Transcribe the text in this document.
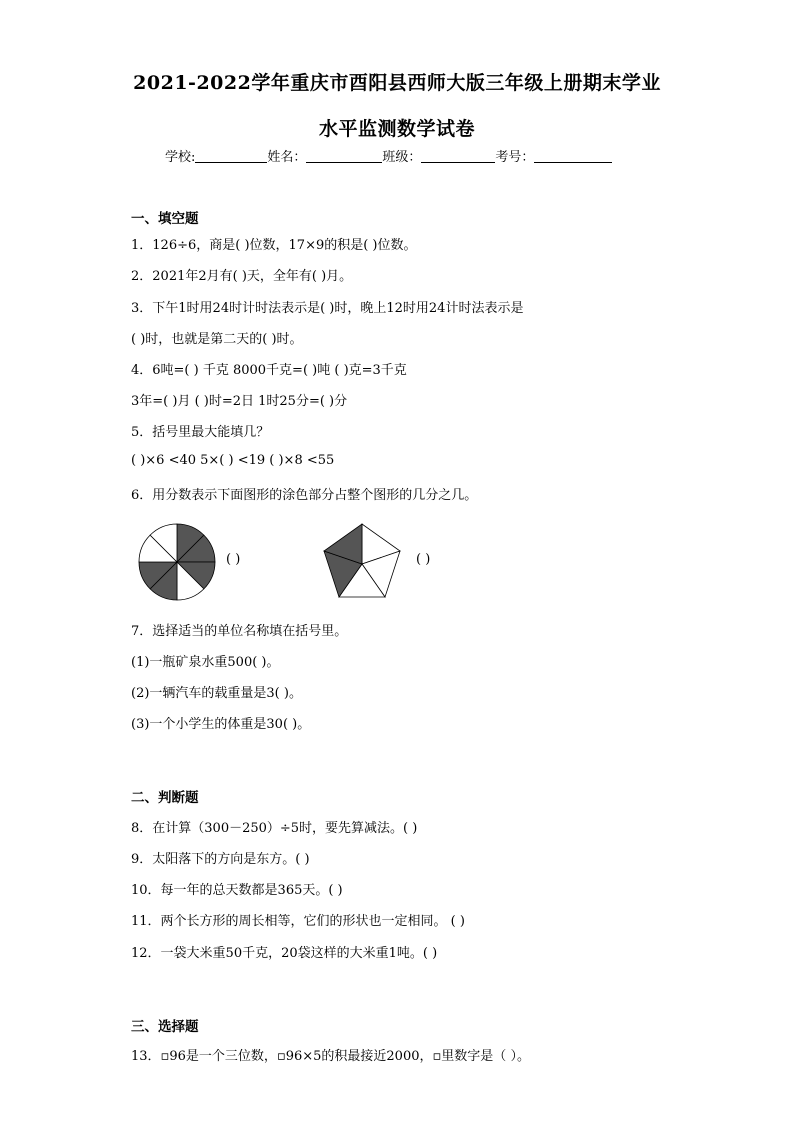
2021-2022学年重庆市酉阳县西师大版三年级上册期末学业
水平监测数学试卷
学校:	姓名：	班级：	考号：
一、填空题
1．126÷6，商是( )位数，17×9的积是( )位数。
2．2021年2月有( )天，全年有( )月。
3．下午1时用24时计时法表示是( )时，晚上12时用24计时法表示是
( )时，也就是第二天的( )时。
4．6吨=( ) 千克 8000千克=( )吨 ( )克=3千克
3年=( )月 ( )时=2日 1时25分=( )分
5．括号里最大能填几？
( )×6 <40 5×( ) <19 ( )×8 <55
6．用分数表示下面图形的涂色部分占整个图形的几分之几。
( )	( )
7．选择适当的单位名称填在括号里。
(1)一瓶矿泉水重500( )。
(2)一辆汽车的载重量是3( )。
(3)一个小学生的体重是30( )。
二、判断题
8．在计算（300－250）÷5时，要先算减法。( )
9．太阳落下的方向是东方。( )
10．每一年的总天数都是365天。( )
11．两个长方形的周长相等，它们的形状也一定相同。 ( )
12．一袋大米重50千克，20袋这样的大米重1吨。( )
三、选择题
13．▫96是一个三位数，▫96×5的积最接近2000，▫里数字是（ ）。
